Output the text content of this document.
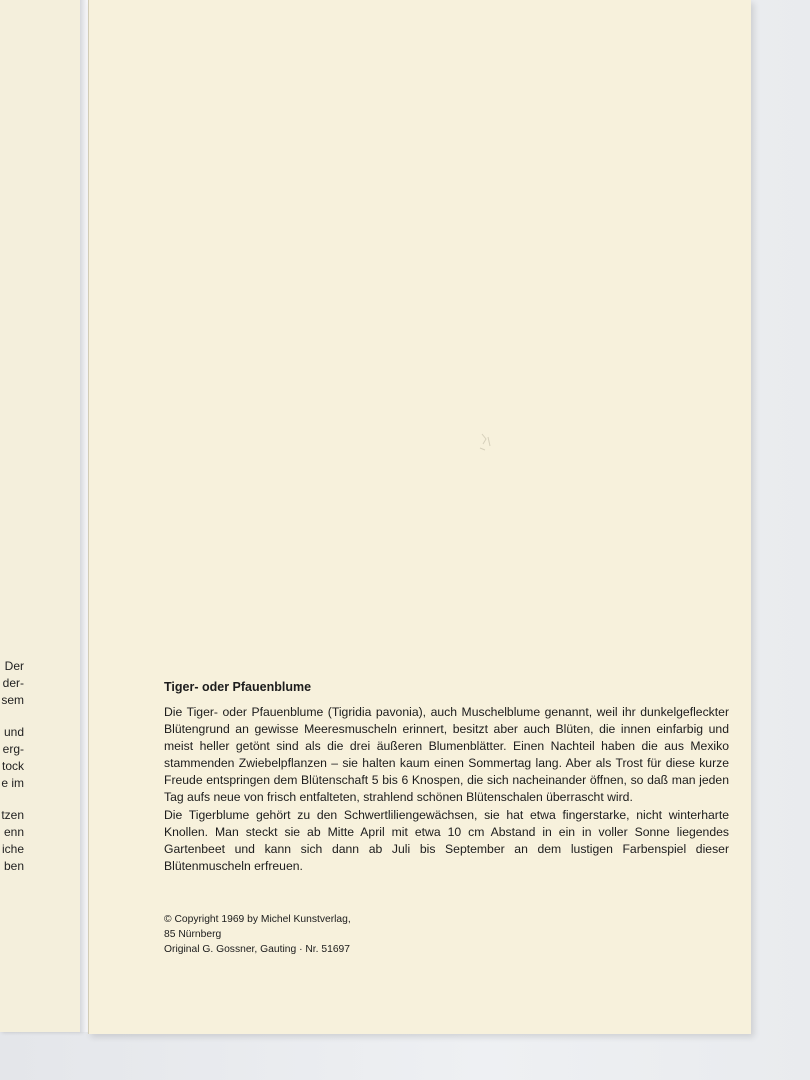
Der
der-
sem
und
erg-
tock
e im
tzen
enn
iche
ben
Tiger- oder Pfauenblume

Die Tiger- oder Pfauenblume (Tigridia pavonia), auch Muschelblume genannt, weil ihr dunkelgefleckter Blütengrund an gewisse Meeresmuscheln erinnert, besitzt aber auch Blüten, die innen einfarbig und meist heller getönt sind als die drei äußeren Blumenblätter. Einen Nachteil haben die aus Mexiko stammenden Zwiebelpflanzen – sie halten kaum einen Sommertag lang. Aber als Trost für diese kurze Freude entspringen dem Blütenschaft 5 bis 6 Knospen, die sich nacheinander öffnen, so daß man jeden Tag aufs neue von frisch entfalteten, strahlend schönen Blütenschalen überrascht wird.

Die Tigerblume gehört zu den Schwertliliengewächsen, sie hat etwa fingerstarke, nicht winterharte Knollen. Man steckt sie ab Mitte April mit etwa 10 cm Abstand in ein in voller Sonne liegendes Gartenbeet und kann sich dann ab Juli bis September an dem lustigen Farbenspiel dieser Blütenmuscheln erfreuen.

© Copyright 1969 by Michel Kunstverlag,
85 Nürnberg
Original G. Gossner, Gauting · Nr. 51697
